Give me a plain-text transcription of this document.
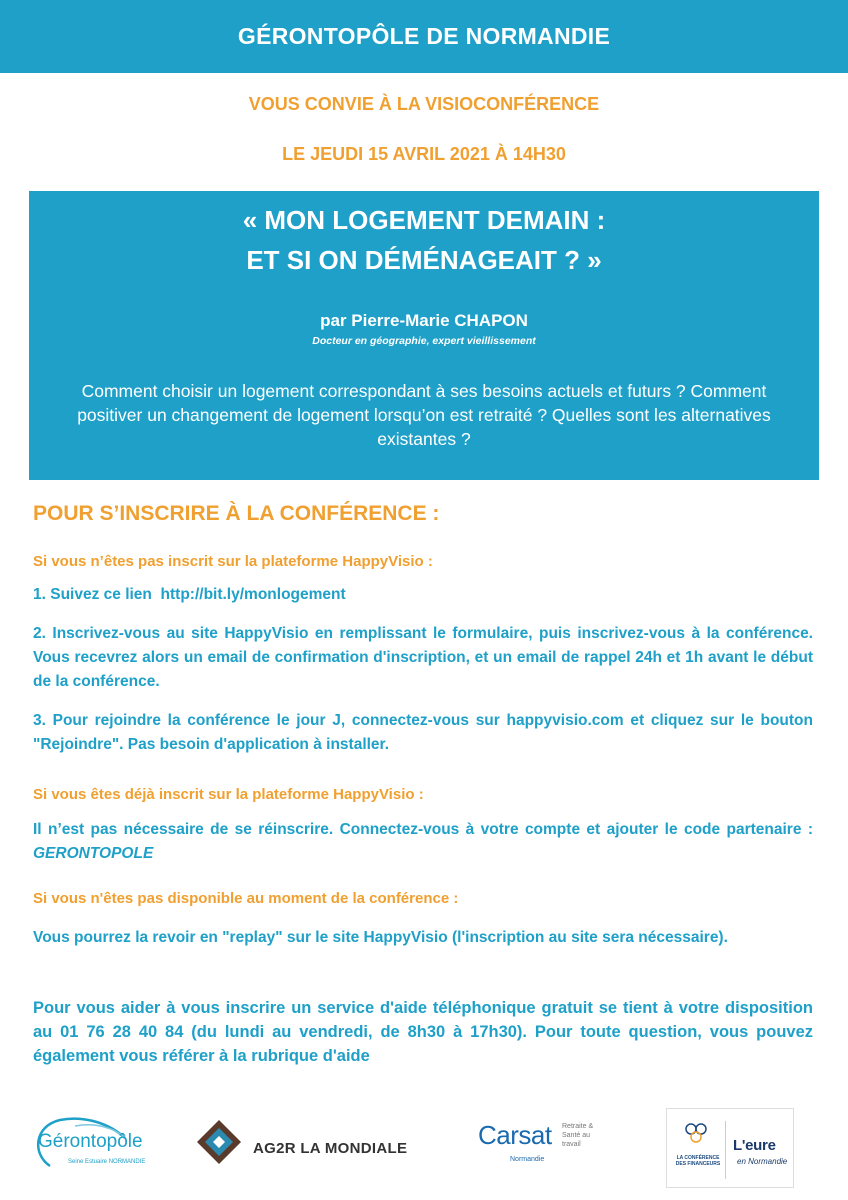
GÉRONTOPÔLE DE NORMANDIE
VOUS CONVIE À LA VISIOCONFÉRENCE
LE JEUDI 15 AVRIL 2021 À 14H30
« MON LOGEMENT DEMAIN :
ET SI ON DÉMÉNAGEAIT ? »
par Pierre-Marie CHAPON
Docteur en géographie, expert vieillissement
Comment choisir un logement correspondant à ses besoins actuels et futurs ? Comment positiver un changement de logement lorsqu’on est retraité ? Quelles sont les alternatives existantes ?
POUR S’INSCRIRE À LA CONFÉRENCE :
Si vous n’êtes pas inscrit sur la plateforme HappyVisio :
1. Suivez ce lien http://bit.ly/monlogement
2. Inscrivez-vous au site HappyVisio en remplissant le formulaire, puis inscrivez-vous à la conférence. Vous recevrez alors un email de confirmation d'inscription, et un email de rappel 24h et 1h avant le début de la conférence.
3. Pour rejoindre la conférence le jour J, connectez-vous sur happyvisio.com et cliquez sur le bouton "Rejoindre". Pas besoin d'application à installer.
Si vous êtes déjà inscrit sur la plateforme HappyVisio :
Il n’est pas nécessaire de se réinscrire. Connectez-vous à votre compte et ajouter le code partenaire : GERONTOPOLE
Si vous n'êtes pas disponible au moment de la conférence :
Vous pourrez la revoir en "replay" sur le site HappyVisio (l'inscription au site sera nécessaire).
Pour vous aider à vous inscrire un service d'aide téléphonique gratuit se tient à votre disposition au 01 76 28 40 84 (du lundi au vendredi, de 8h30 à 17h30). Pour toute question, vous pouvez également vous référer à la rubrique d'aide
Gérontopôle
Seine Estuaire NORMANDIE
AG2R LA MONDIALE	Carsat Retraite & Santé au travail
Normandie	LA CONFÉRENCE DES FINANCEURS
L'eure
en Normandie
